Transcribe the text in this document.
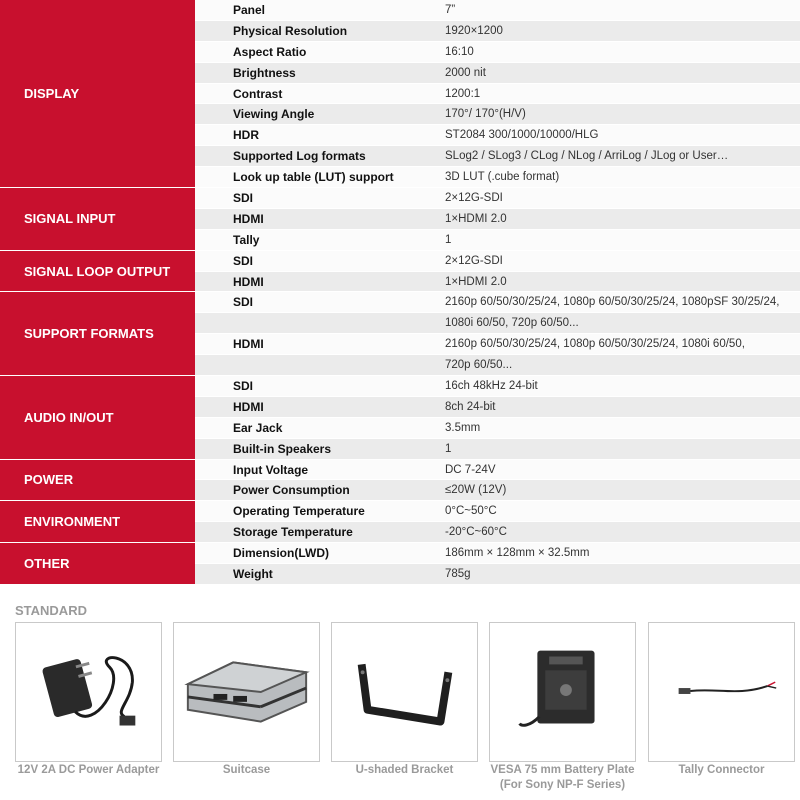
DISPLAY
Panel	7”
Physical Resolution	1920×1200
Aspect Ratio	16:10
Brightness	2000 nit
Contrast	1200:1
Viewing Angle	170°/ 170°(H/V)
HDR	ST2084 300/1000/10000/HLG
Supported Log formats	SLog2 / SLog3 / CLog / NLog / ArriLog / JLog or User…
Look up table (LUT) support	3D LUT (.cube format)
SIGNAL INPUT
SDI	2×12G-SDI
HDMI	1×HDMI 2.0
Tally	1
SIGNAL LOOP OUTPUT
SDI	2×12G-SDI
HDMI	1×HDMI 2.0
SUPPORT FORMATS
SDI	2160p 60/50/30/25/24, 1080p 60/50/30/25/24, 1080pSF 30/25/24,
1080i 60/50, 720p 60/50...
HDMI	2160p 60/50/30/25/24, 1080p 60/50/30/25/24, 1080i 60/50,
720p 60/50...
AUDIO IN/OUT
SDI	16ch 48kHz 24-bit
HDMI	8ch 24-bit
Ear Jack	3.5mm
Built-in Speakers	1
POWER
Input Voltage	DC 7-24V
Power Consumption	≤20W (12V)
ENVIRONMENT
Operating Temperature	0°C~50°C
Storage Temperature	-20°C~60°C
OTHER
Dimension(LWD)	186mm × 128mm × 32.5mm
Weight	785g
STANDARD
12V 2A DC Power Adapter	Suitcase	U-shaded Bracket	VESA 75 mm Battery Plate
(For Sony NP-F Series)
Tally Connector
